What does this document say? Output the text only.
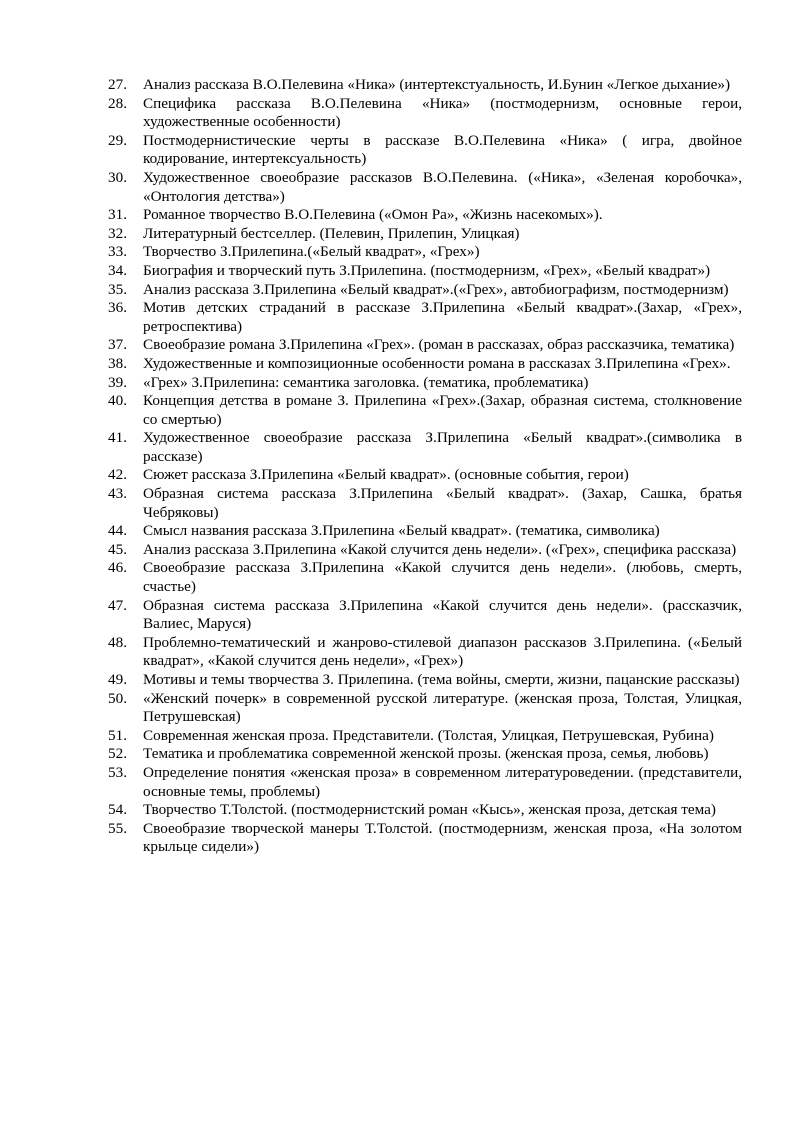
27.	Анализ рассказа В.О.Пелевина «Ника» (интертекстуальность, И.Бунин «Легкое дыхание»)
28.	Специфика рассказа В.О.Пелевина «Ника» (постмодернизм, основные герои, художественные особенности)
29.	Постмодернистические черты в рассказе В.О.Пелевина «Ника» ( игра, двойное кодирование, интертексуальность)
30.	Художественное своеобразие рассказов В.О.Пелевина. («Ника», «Зеленая коробочка», «Онтология детства»)
31.	Романное творчество В.О.Пелевина («Омон Ра», «Жизнь насекомых»).
32.	Литературный бестселлер. (Пелевин, Прилепин, Улицкая)
33.	Творчество З.Прилепина.(«Белый квадрат», «Грех»)
34.	Биография и творческий путь З.Прилепина. (постмодернизм, «Грех», «Белый квадрат»)
35.	Анализ рассказа З.Прилепина «Белый квадрат».(«Грех», автобиографизм, постмодернизм)
36.	Мотив детских страданий в рассказе З.Прилепина «Белый квадрат».(Захар, «Грех», ретроспектива)
37.	Своеобразие романа З.Прилепина «Грех». (роман в рассказах, образ рассказчика, тематика)
38.	Художественные и композиционные особенности романа в рассказах З.Прилепина «Грех».
39.	«Грех» З.Прилепина: семантика заголовка. (тематика, проблематика)
40.	Концепция детства в романе З. Прилепина «Грех».(Захар, образная система, столкновение со смертью)
41.	Художественное своеобразие рассказа З.Прилепина «Белый квадрат».(символика в рассказе)
42.	Сюжет рассказа З.Прилепина «Белый квадрат». (основные события, герои)
43.	Образная система рассказа З.Прилепина «Белый квадрат». (Захар, Сашка, братья Чебряковы)
44.	Смысл названия рассказа З.Прилепина «Белый квадрат». (тематика, символика)
45.	Анализ рассказа З.Прилепина «Какой случится день недели». («Грех», специфика рассказа)
46.	Своеобразие рассказа З.Прилепина «Какой случится день недели». (любовь, смерть, счастье)
47.	Образная система рассказа З.Прилепина «Какой случится день недели». (рассказчик, Валиес, Маруся)
48.	Проблемно-тематический и жанрово-стилевой диапазон рассказов З.Прилепина. («Белый квадрат», «Какой случится день недели», «Грех»)
49.	Мотивы и темы творчества З. Прилепина. (тема войны, смерти, жизни, пацанские рассказы)
50.	«Женский почерк» в современной русской литературе. (женская проза, Толстая, Улицкая, Петрушевская)
51.	Современная женская проза. Представители. (Толстая, Улицкая, Петрушевская, Рубина)
52.	Тематика и проблематика современной женской прозы. (женская проза, семья, любовь)
53.	Определение понятия «женская проза» в современном литературоведении. (представители, основные темы, проблемы)
54.	Творчество Т.Толстой. (постмодернистский роман «Кысь», женская проза, детская тема)
55.	Своеобразие творческой манеры Т.Толстой. (постмодернизм, женская проза, «На золотом крыльце сидели»)
